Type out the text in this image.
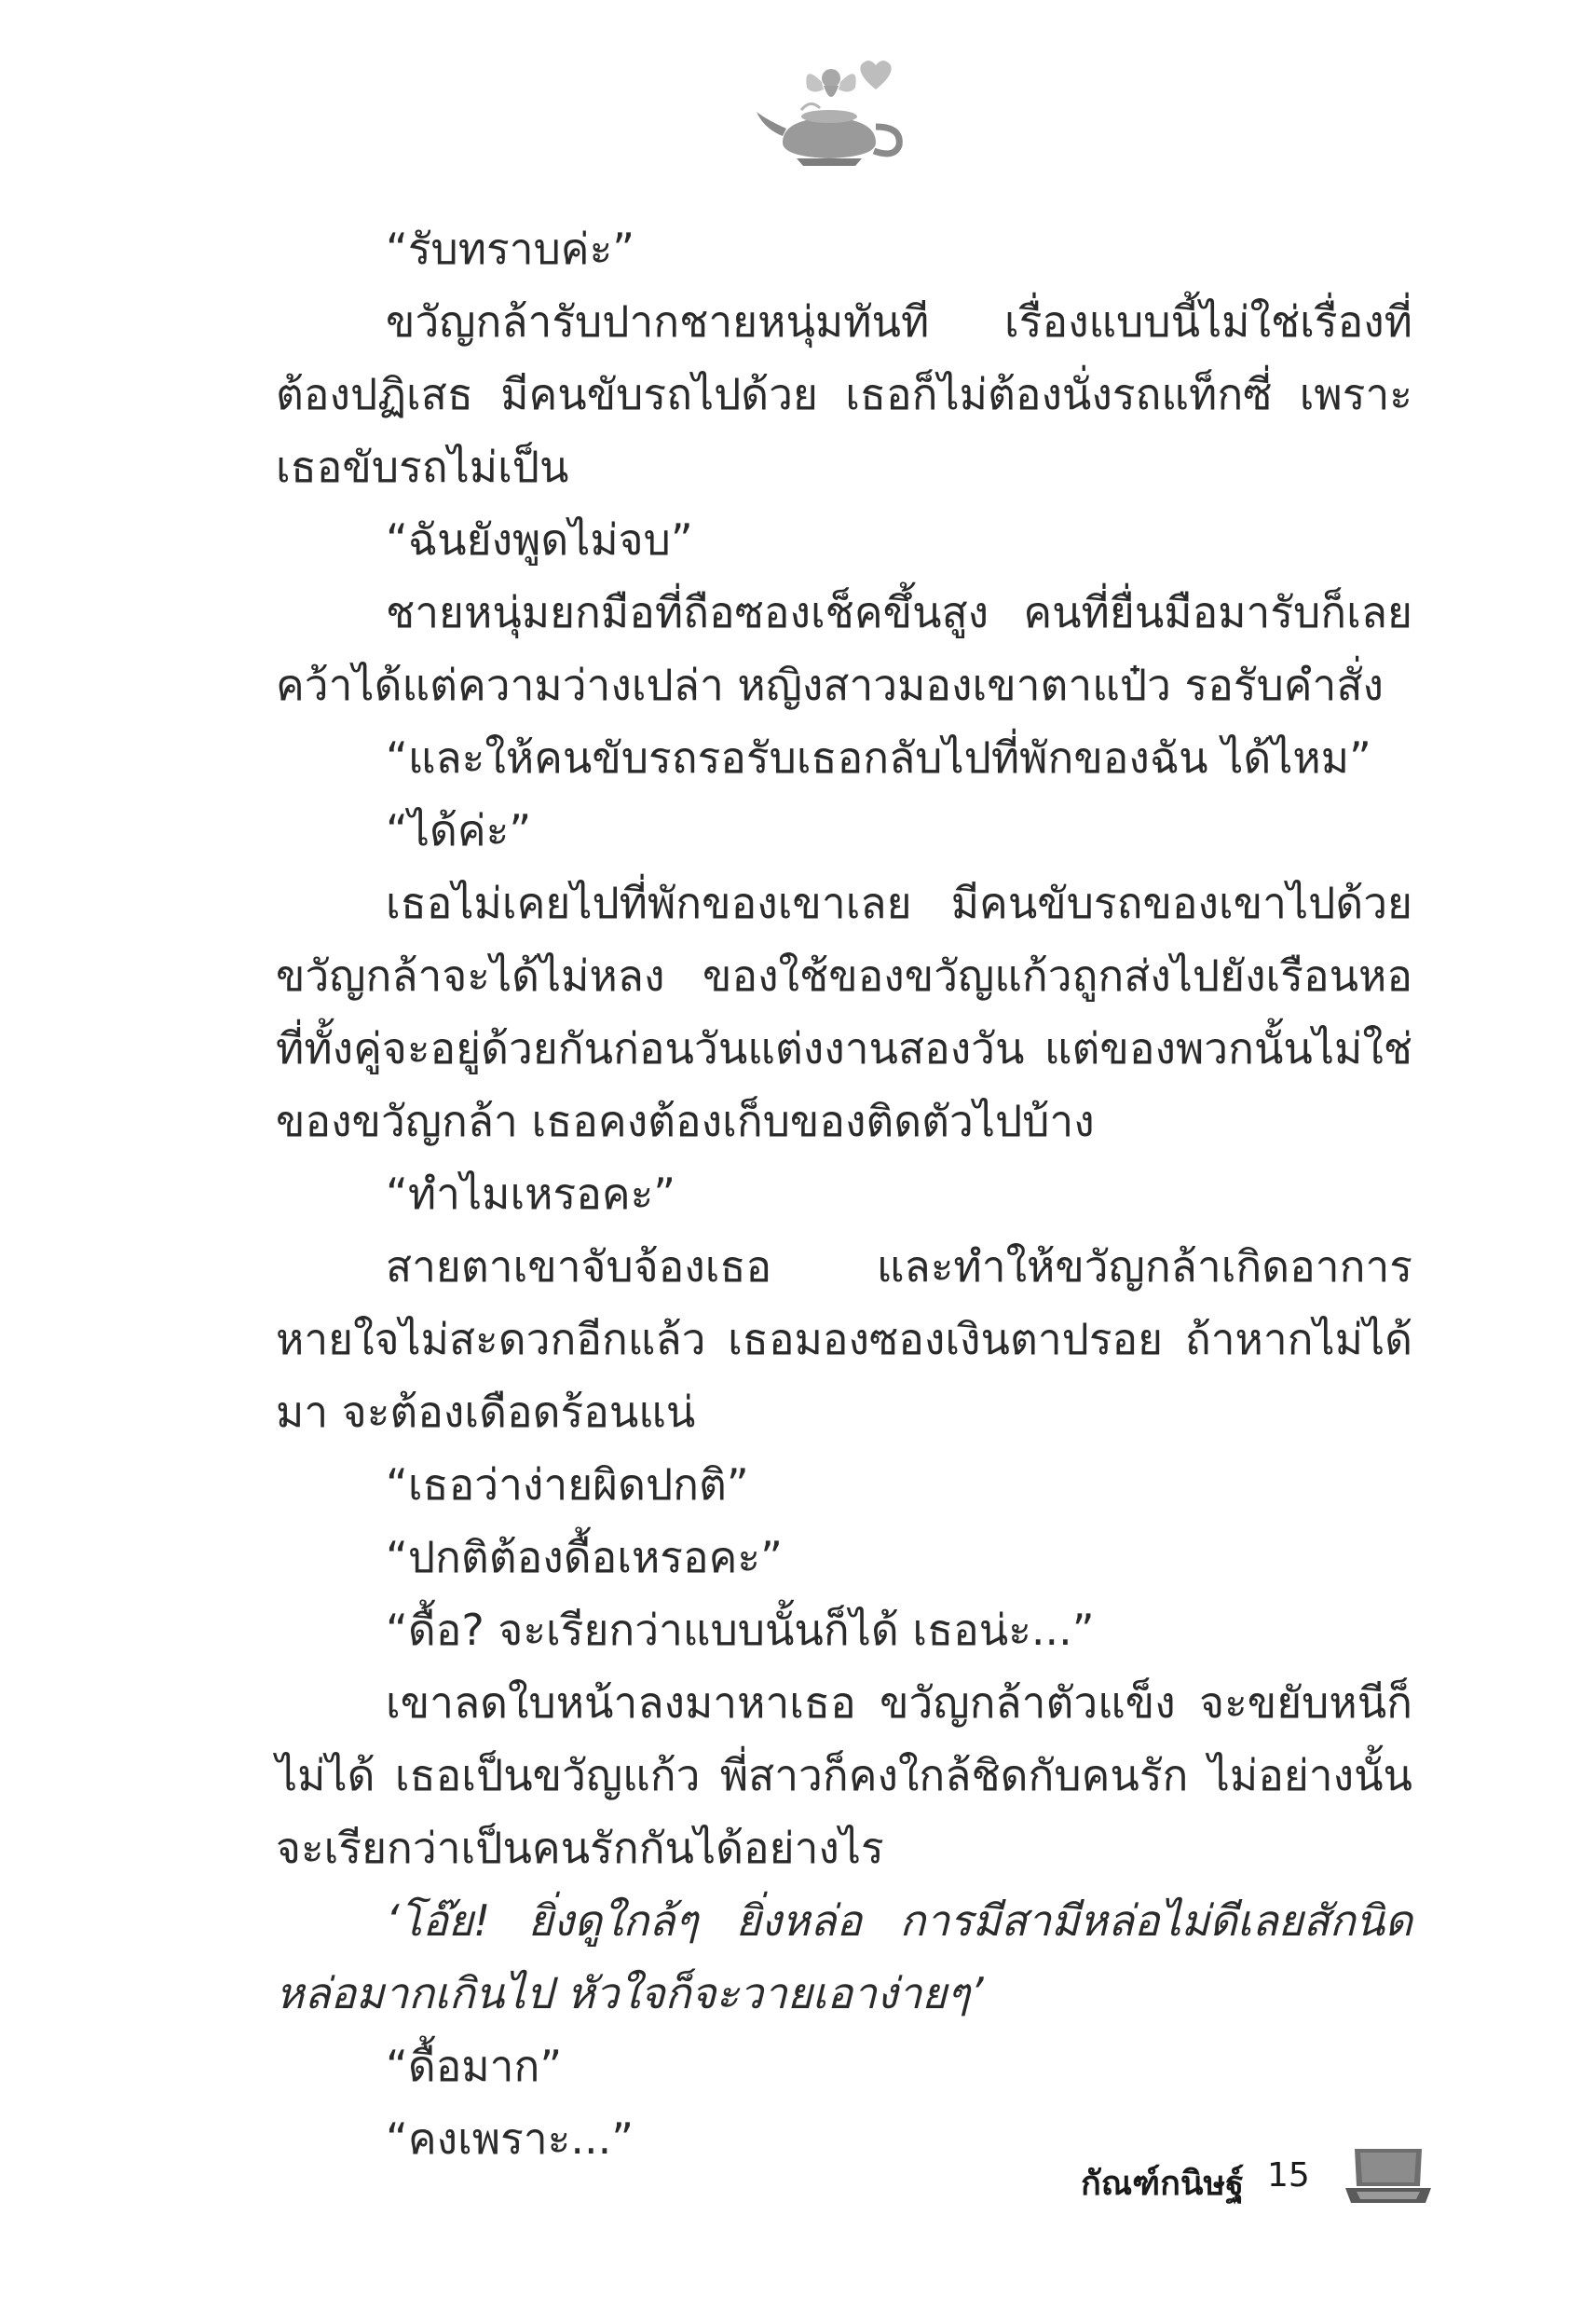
“รับทราบค่ะ”

ขวัญกล้ารับปากชายหนุ่มทันที เรื่องแบบนี้ไม่ใช่เรื่องที่ต้องปฏิเสธ มีคนขับรถไปด้วย เธอก็ไม่ต้องนั่งรถแท็กซี่ เพราะเธอขับรถไม่เป็น

“ฉันยังพูดไม่จบ”

ชายหนุ่มยกมือที่ถือซองเช็คขึ้นสูง คนที่ยื่นมือมารับก็เลยคว้าได้แต่ความว่างเปล่า หญิงสาวมองเขาตาแป๋ว รอรับคำสั่ง

“และให้คนขับรถรอรับเธอกลับไปที่พักของฉัน ได้ไหม”

“ได้ค่ะ”

เธอไม่เคยไปที่พักของเขาเลย มีคนขับรถของเขาไปด้วย ขวัญกล้าจะได้ไม่หลง ของใช้ของขวัญแก้วถูกส่งไปยังเรือนหอที่ทั้งคู่จะอยู่ด้วยกันก่อนวันแต่งงานสองวัน แต่ของพวกนั้นไม่ใช่ของขวัญกล้า เธอคงต้องเก็บของติดตัวไปบ้าง

“ทำไมเหรอคะ”

สายตาเขาจับจ้องเธอ และทำให้ขวัญกล้าเกิดอาการหายใจไม่สะดวกอีกแล้ว เธอมองซองเงินตาปรอย ถ้าหากไม่ได้มา จะต้องเดือดร้อนแน่

“เธอว่าง่ายผิดปกติ”

“ปกติต้องดื้อเหรอคะ”

“ดื้อ? จะเรียกว่าแบบนั้นก็ได้ เธอน่ะ...”

เขาลดใบหน้าลงมาหาเธอ ขวัญกล้าตัวแข็ง จะขยับหนีก็ไม่ได้ เธอเป็นขวัญแก้ว พี่สาวก็คงใกล้ชิดกับคนรัก ไม่อย่างนั้นจะเรียกว่าเป็นคนรักกันได้อย่างไร

‘โอ๊ย! ยิ่งดูใกล้ๆ ยิ่งหล่อ การมีสามีหล่อไม่ดีเลยสักนิด หล่อมากเกินไป หัวใจก็จะวายเอาง่ายๆ’

“ดื้อมาก”

“คงเพราะ...”

กัณฑ์กนิษฐ์ 15
